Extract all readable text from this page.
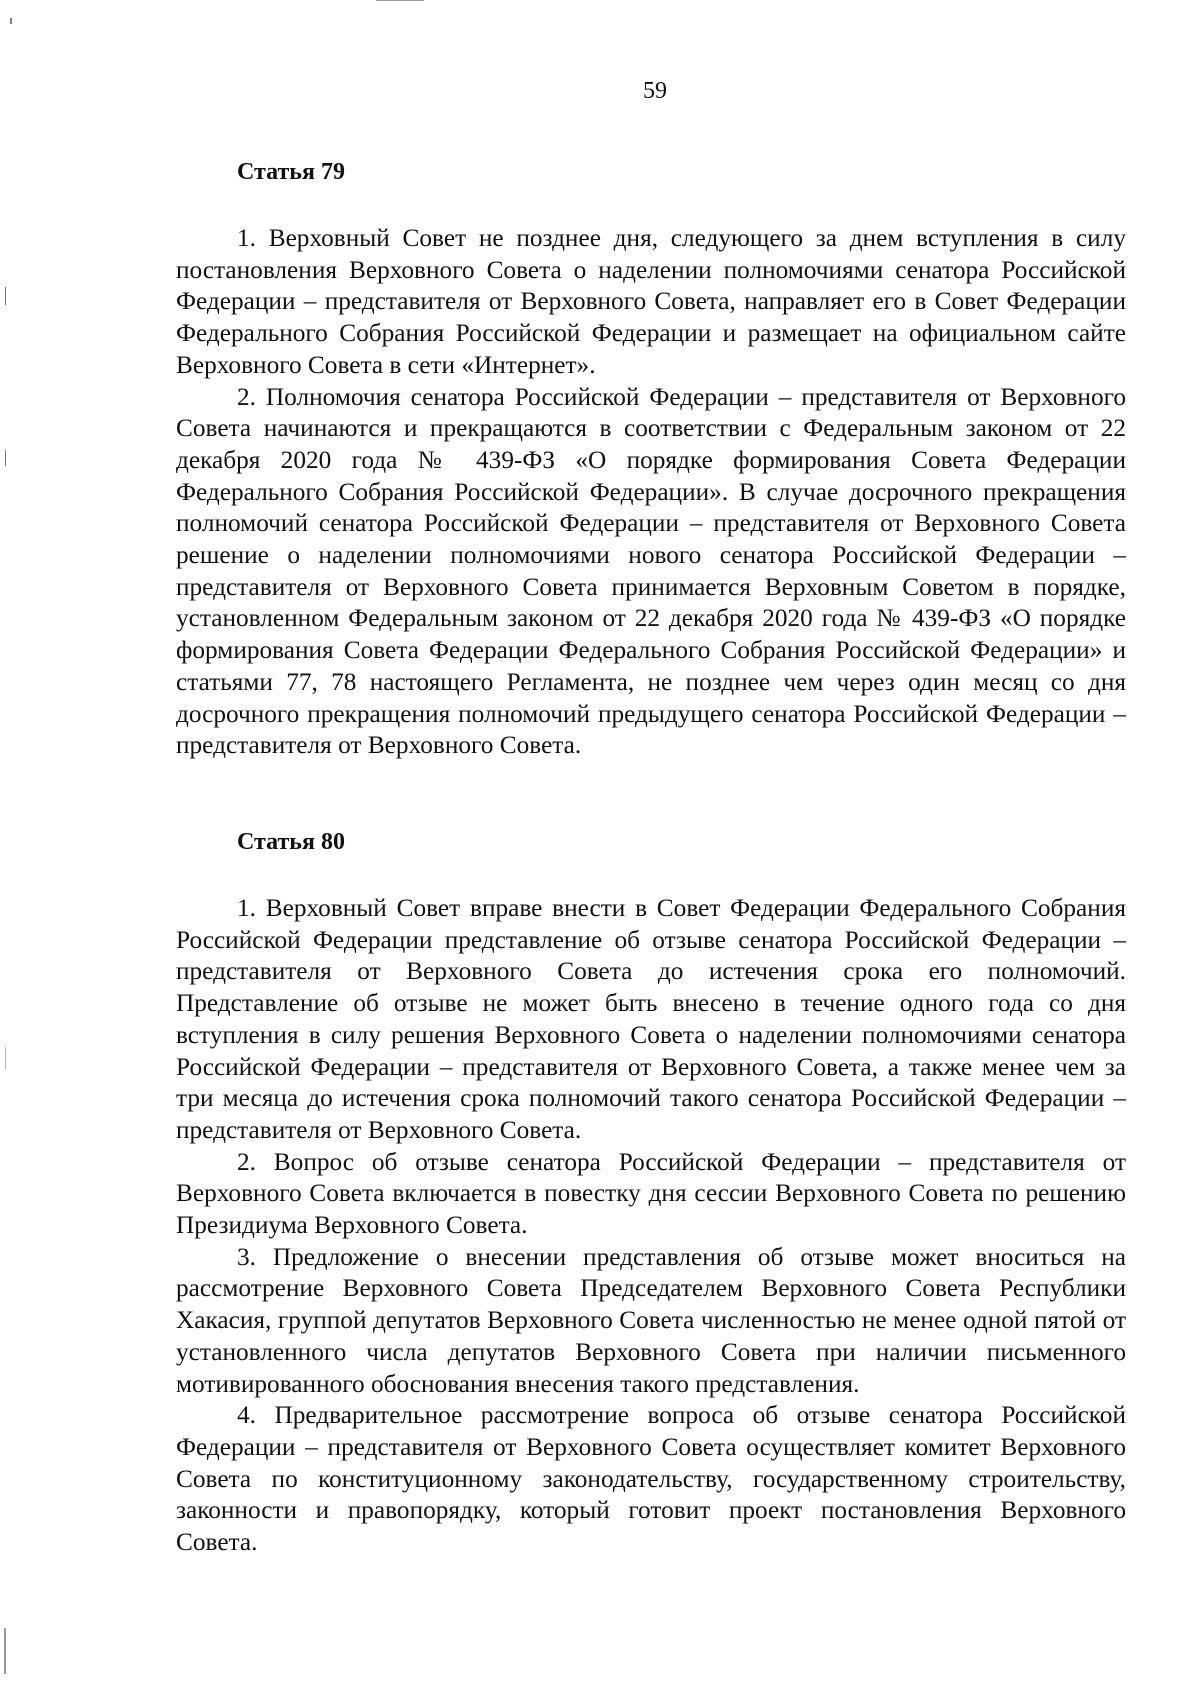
59
Статья 79

1. Верховный Совет не позднее дня, следующего за днем вступления в силу постановления Верховного Совета о наделении полномочиями сенатора Российской Федерации – представителя от Верховного Совета, направляет его в Совет Федерации Федерального Собрания Российской Федерации и размещает на официальном сайте Верховного Совета в сети «Интернет».

2. Полномочия сенатора Российской Федерации – представителя от Верховного Совета начинаются и прекращаются в соответствии с Федеральным законом от 22 декабря 2020 года № 439-ФЗ «О порядке формирования Совета Федерации Федерального Собрания Российской Федерации». В случае досрочного прекращения полномочий сенатора Российской Федерации – представителя от Верховного Совета решение о наделении полномочиями нового сенатора Российской Федерации – представителя от Верховного Совета принимается Верховным Советом в порядке, установленном Федеральным законом от 22 декабря 2020 года № 439-ФЗ «О порядке формирования Совета Федерации Федерального Собрания Российской Федерации» и статьями 77, 78 настоящего Регламента, не позднее чем через один месяц со дня досрочного прекращения полномочий предыдущего сенатора Российской Федерации – представителя от Верховного Совета.

Статья 80

1. Верховный Совет вправе внести в Совет Федерации Федерального Собрания Российской Федерации представление об отзыве сенатора Российской Федерации – представителя от Верховного Совета до истечения срока его полномочий. Представление об отзыве не может быть внесено в течение одного года со дня вступления в силу решения Верховного Совета о наделении полномочиями сенатора Российской Федерации – представителя от Верховного Совета, а также менее чем за три месяца до истечения срока полномочий такого сенатора Российской Федерации – представителя от Верховного Совета.

2. Вопрос об отзыве сенатора Российской Федерации – представителя от Верховного Совета включается в повестку дня сессии Верховного Совета по решению Президиума Верховного Совета.

3. Предложение о внесении представления об отзыве может вноситься на рассмотрение Верховного Совета Председателем Верховного Совета Республики Хакасия, группой депутатов Верховного Совета численностью не менее одной пятой от установленного числа депутатов Верховного Совета при наличии письменного мотивированного обоснования внесения такого представления.

4. Предварительное рассмотрение вопроса об отзыве сенатора Российской Федерации – представителя от Верховного Совета осуществляет комитет Верховного Совета по конституционному законодательству, государственному строительству, законности и правопорядку, который готовит проект постановления Верховного Совета.
